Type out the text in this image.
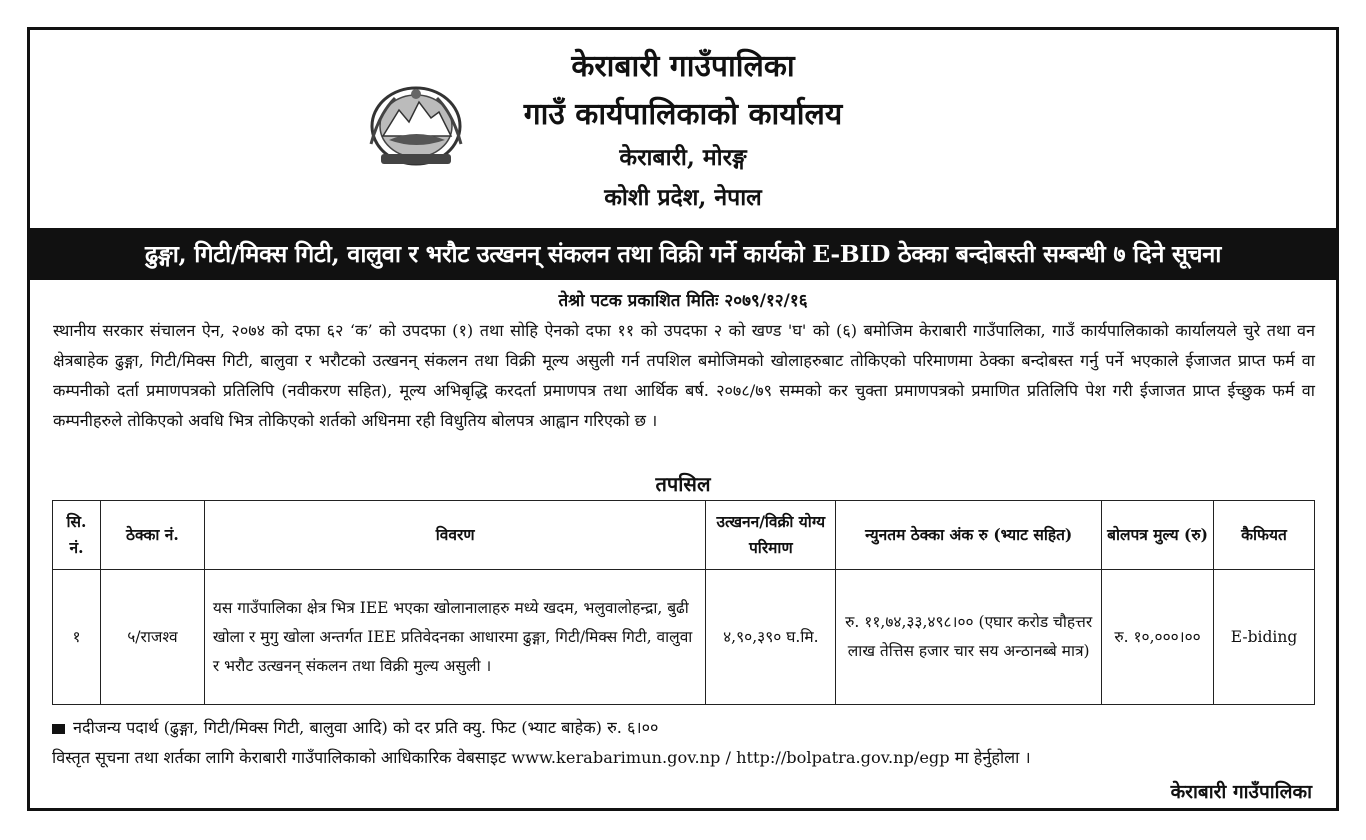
केराबारी गाउँपालिका
गाउँ कार्यपालिकाको कार्यालय
केराबारी, मोरङ्ग
कोशी प्रदेश, नेपाल
ढुङ्गा, गिटी/मिक्स गिटी, वालुवा र भरौट उत्खनन् संकलन तथा विक्री गर्ने कार्यको E-BID ठेक्का बन्दोबस्ती सम्बन्धी ७ दिने सूचना
तेश्रो पटक प्रकाशित मितिः २०७९/१२/१६
स्थानीय सरकार संचालन ऐन, २०७४ को दफा ६२ ‘क’ को उपदफा (१) तथा सोहि ऐनको दफा ११ को उपदफा २ को खण्ड 'घ' को (६) बमोजिम केराबारी गाउँपालिका, गाउँ कार्यपालिकाको कार्यालयले चुरे तथा वन क्षेत्रबाहेक ढुङ्गा, गिटी/मिक्स गिटी, बालुवा र भरौटको उत्खनन् संकलन तथा विक्री मूल्य असुली गर्न तपशिल बमोजिमको खोलाहरुबाट तोकिएको परिमाणमा ठेक्का बन्दोबस्त गर्नु पर्ने भएकाले ईजाजत प्राप्त फर्म वा कम्पनीको दर्ता प्रमाणपत्रको प्रतिलिपि (नवीकरण सहित), मूल्य अभिबृद्धि करदर्ता प्रमाणपत्र तथा आर्थिक बर्ष. २०७८/७९ सम्मको कर चुक्ता प्रमाणपत्रको प्रमाणित प्रतिलिपि पेश गरी ईजाजत प्राप्त ईच्छुक फर्म वा कम्पनीहरुले तोकिएको अवधि भित्र तोकिएको शर्तको अधिनमा रही विधुतिय बोलपत्र आह्वान गरिएको छ ।
तपसिल
सि. नं.	ठेक्का नं.	विवरण	उत्खनन/विक्री योग्य परिमाण	न्युनतम ठेक्का अंक रु (भ्याट सहित)	बोलपत्र मुल्य (रु)	कैफियत
१	५/राजश्व	यस गाउँपालिका क्षेत्र भित्र IEE भएका खोलानालाहरु मध्ये खदम, भलुवालोहन्द्रा, बुढी खोला र मुगु खोला अन्तर्गत IEE प्रतिवेदनका आधारमा ढुङ्गा, गिटी/मिक्स गिटी, वालुवा र भरौट उत्खनन् संकलन तथा विक्री मुल्य असुली ।	४,९०,३९० घ.मि.	रु. ११,७४,३३,४९८।०० (एघार करोड चौहत्तर लाख तेत्तिस हजार चार सय अन्ठानब्बे मात्र)	रु. १०,०००।००	E-biding
नदीजन्य पदार्थ (ढुङ्गा, गिटी/मिक्स गिटी, बालुवा आदि) को दर प्रति क्यु. फिट (भ्याट बाहेक) रु. ६।००
विस्तृत सूचना तथा शर्तका लागि केराबारी गाउँपालिकाको आधिकारिक वेबसाइट www.kerabarimun.gov.np / http://bolpatra.gov.np/egp मा हेर्नुहोला ।
केराबारी गाउँपालिका
